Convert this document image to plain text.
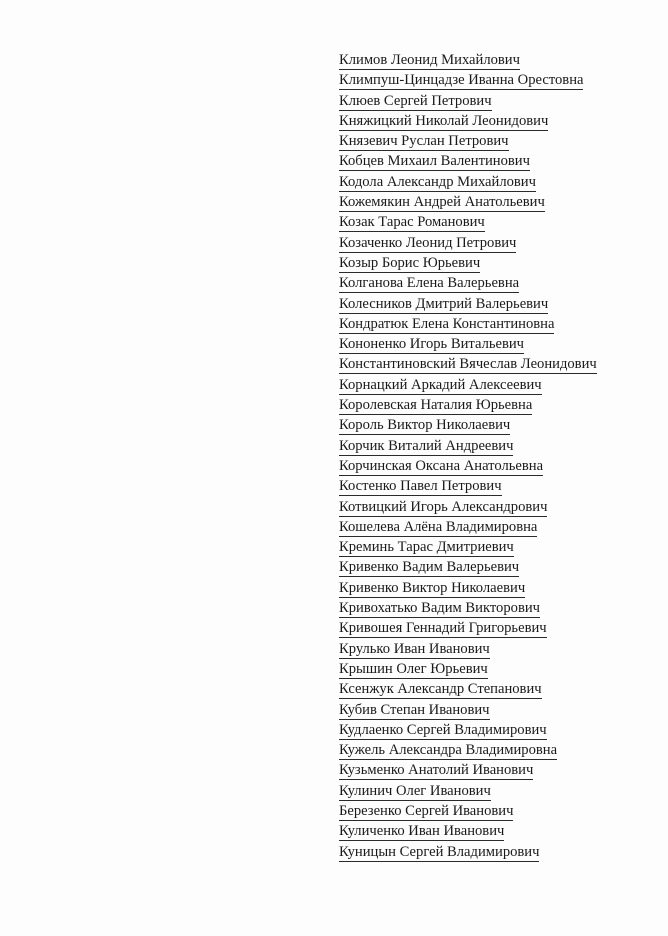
Климов Леонид Михайлович
Климпуш-Цинцадзе Иванна Орестовна
Клюев Сергей Петрович
Княжицкий Николай Леонидович
Князевич Руслан Петрович
Кобцев Михаил Валентинович
Кодола Александр Михайлович
Кожемякин Андрей Анатольевич
Козак Тарас Романович
Козаченко Леонид Петрович
Козыр Борис Юрьевич
Колганова Елена Валерьевна
Колесников Дмитрий Валерьевич
Кондратюк Елена Константиновна
Кононенко Игорь Витальевич
Константиновский Вячеслав Леонидович
Корнацкий Аркадий Алексеевич
Королевская Наталия Юрьевна
Король Виктор Николаевич
Корчик Виталий Андреевич
Корчинская Оксана Анатольевна
Костенко Павел Петрович
Котвицкий Игорь Александрович
Кошелева Алёна Владимировна
Креминь Тарас Дмитриевич
Кривенко Вадим Валерьевич
Кривенко Виктор Николаевич
Кривохатько Вадим Викторович
Кривошея Геннадий Григорьевич
Крулько Иван Иванович
Крышин Олег Юрьевич
Ксенжук Александр Степанович
Кубив Степан Иванович
Кудлаенко Сергей Владимирович
Кужель Александра Владимировна
Кузьменко Анатолий Иванович
Кулинич Олег Иванович
Березенко Сергей Иванович
Куличенко Иван Иванович
Куницын Сергей Владимирович
